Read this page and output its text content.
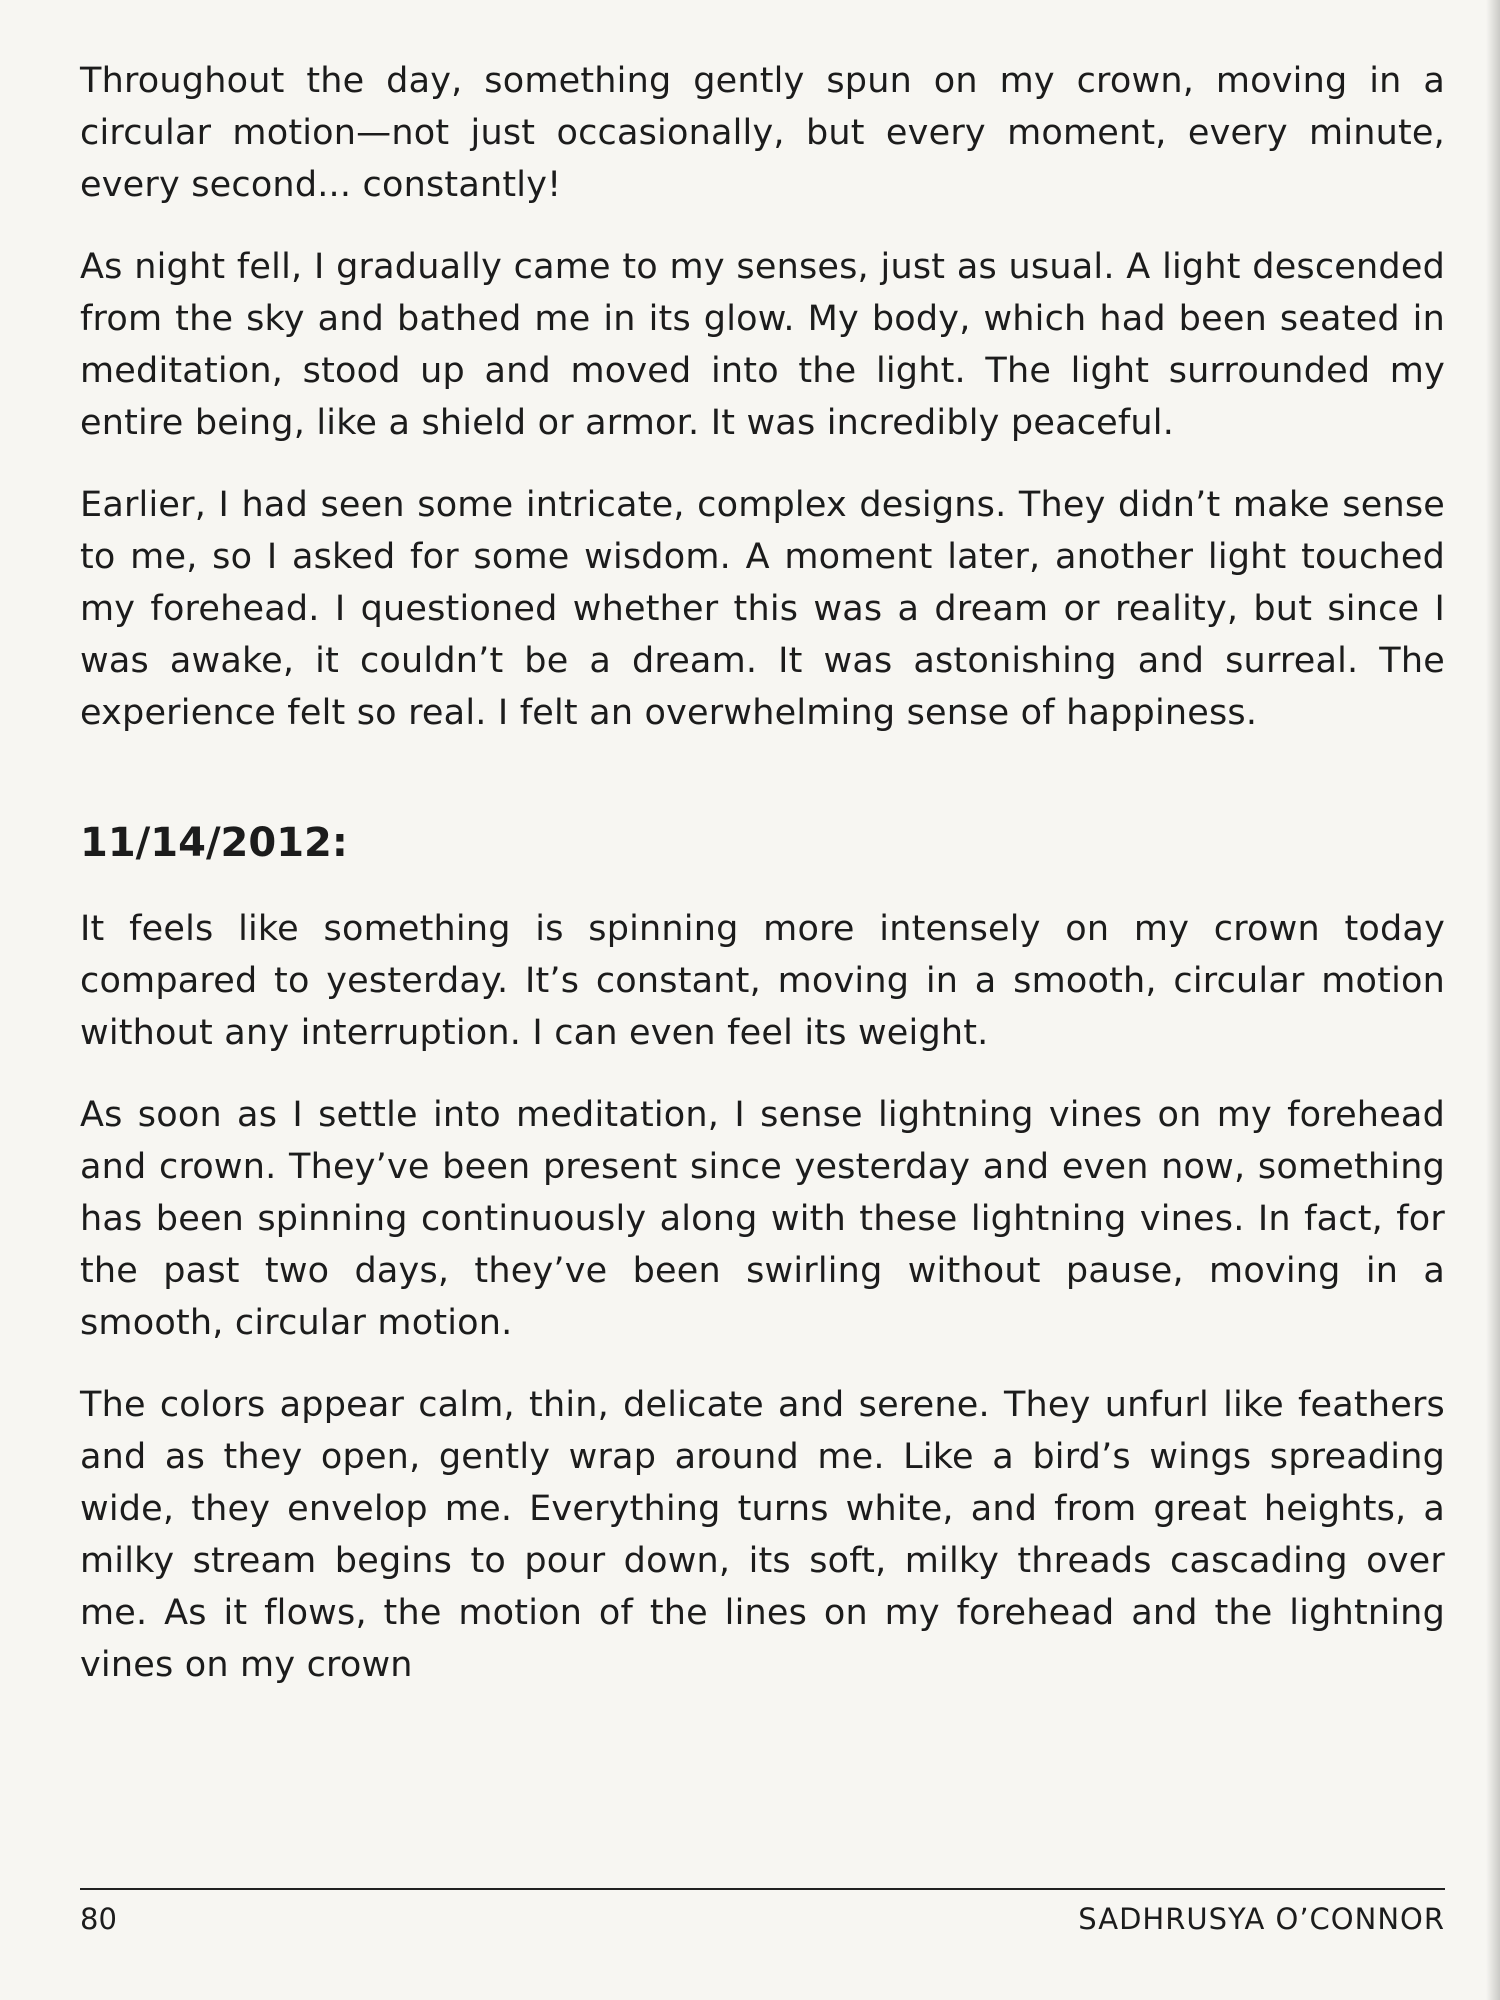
Throughout the day, something gently spun on my crown, moving in a circular motion—not just occasionally, but every moment, every minute, every second... constantly!

As night fell, I gradually came to my senses, just as usual. A light descended from the sky and bathed me in its glow. My body, which had been seated in meditation, stood up and moved into the light. The light surrounded my entire being, like a shield or armor. It was incredibly peaceful.

Earlier, I had seen some intricate, complex designs. They didn’t make sense to me, so I asked for some wisdom. A moment later, another light touched my forehead. I questioned whether this was a dream or reality, but since I was awake, it couldn’t be a dream. It was astonishing and surreal. The experience felt so real. I felt an overwhelming sense of happiness.

11/14/2012:

It feels like something is spinning more intensely on my crown today compared to yesterday. It’s constant, moving in a smooth, circular motion without any interruption. I can even feel its weight.

As soon as I settle into meditation, I sense lightning vines on my forehead and crown. They’ve been present since yesterday and even now, something has been spinning continuously along with these lightning vines. In fact, for the past two days, they’ve been swirling without pause, moving in a smooth, circular motion.

The colors appear calm, thin, delicate and serene. They unfurl like feathers and as they open, gently wrap around me. Like a bird’s wings spreading wide, they envelop me. Everything turns white, and from great heights, a milky stream begins to pour down, its soft, milky threads cascading over me. As it flows, the motion of the lines on my forehead and the lightning vines on my crown

80	SADHRUSYA O’CONNOR
